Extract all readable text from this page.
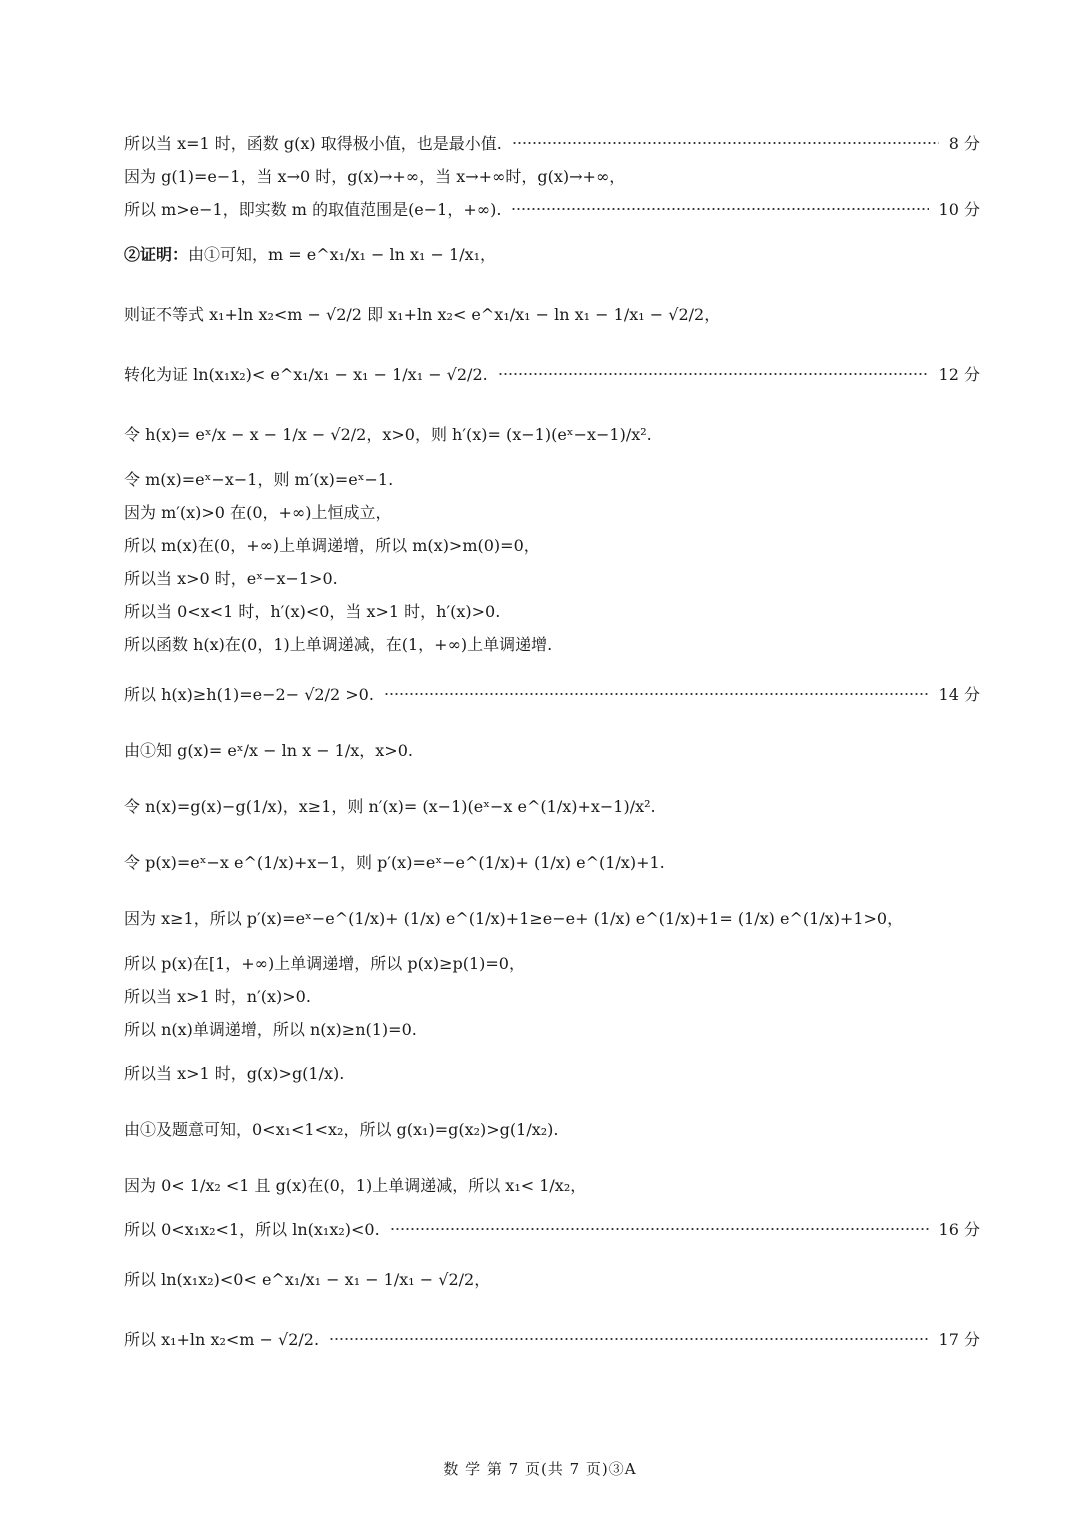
所以当 x=1 时，函数 g(x) 取得极小值，也是最小值.	8 分
因为 g(1)=e−1，当 x→0 时，g(x)→+∞，当 x→+∞时，g(x)→+∞，
所以 m>e−1，即实数 m 的取值范围是(e−1，+∞).	10 分
②证明： 由①可知，m = e^x₁/x₁ − ln x₁ − 1/x₁，
则证不等式 x₁+ln x₂<m − √2/2 即 x₁+ln x₂< e^x₁/x₁ − ln x₁ − 1/x₁ − √2/2，
转化为证 ln(x₁x₂)< e^x₁/x₁ − x₁ − 1/x₁ − √2/2.	12 分
令 h(x)= eˣ/x − x − 1/x − √2/2，x>0，则 h′(x)= (x−1)(eˣ−x−1)/x².
令 m(x)=eˣ−x−1，则 m′(x)=eˣ−1.
因为 m′(x)>0 在(0，+∞)上恒成立，
所以 m(x)在(0，+∞)上单调递增，所以 m(x)>m(0)=0，
所以当 x>0 时，eˣ−x−1>0.
所以当 0<x<1 时，h′(x)<0，当 x>1 时，h′(x)>0.
所以函数 h(x)在(0，1)上单调递减，在(1，+∞)上单调递增.
所以 h(x)≥h(1)=e−2− √2/2 >0.	14 分
由①知 g(x)= eˣ/x − ln x − 1/x，x>0.
令 n(x)=g(x)−g(1/x)，x≥1，则 n′(x)= (x−1)(eˣ−x e^(1/x)+x−1)/x².
令 p(x)=eˣ−x e^(1/x)+x−1，则 p′(x)=eˣ−e^(1/x)+ (1/x) e^(1/x)+1.
因为 x≥1，所以 p′(x)=eˣ−e^(1/x)+ (1/x) e^(1/x)+1≥e−e+ (1/x) e^(1/x)+1= (1/x) e^(1/x)+1>0，
所以 p(x)在[1，+∞)上单调递增，所以 p(x)≥p(1)=0，
所以当 x>1 时，n′(x)>0.
所以 n(x)单调递增，所以 n(x)≥n(1)=0.
所以当 x>1 时，g(x)>g(1/x).
由①及题意可知，0<x₁<1<x₂，所以 g(x₁)=g(x₂)>g(1/x₂).
因为 0< 1/x₂ <1 且 g(x)在(0，1)上单调递减，所以 x₁< 1/x₂，
所以 0<x₁x₂<1，所以 ln(x₁x₂)<0.	16 分
所以 ln(x₁x₂)<0< e^x₁/x₁ − x₁ − 1/x₁ − √2/2，
所以 x₁+ln x₂<m − √2/2.	17 分
数 学 第 7 页(共 7 页)③A
